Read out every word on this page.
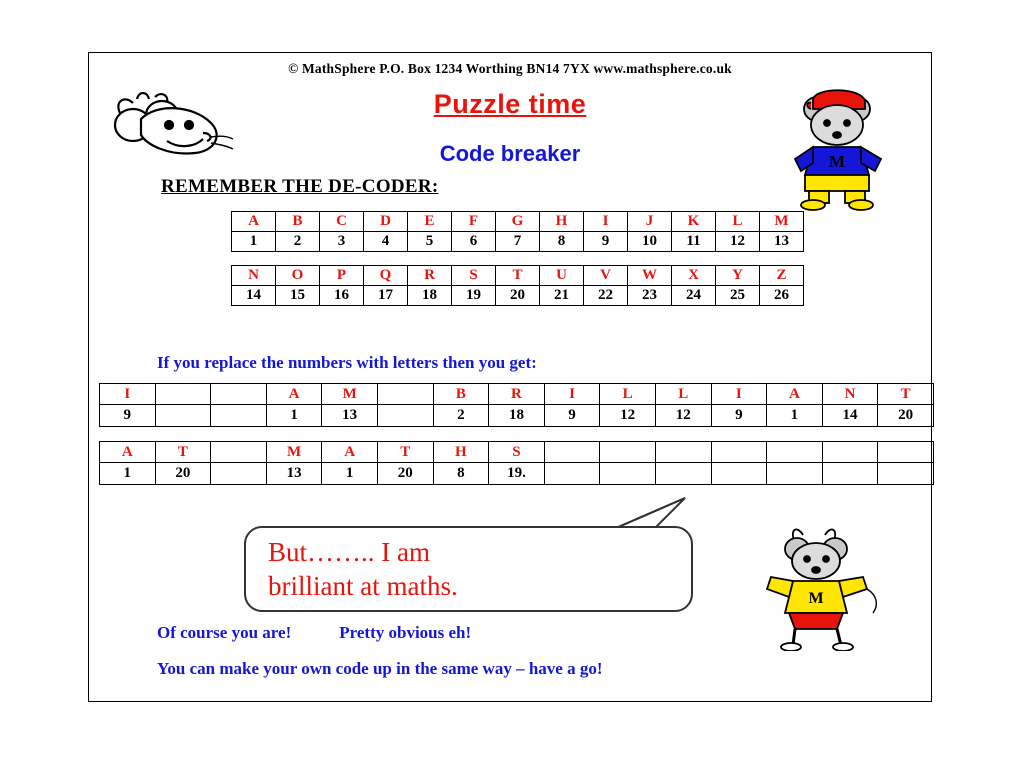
© MathSphere P.O. Box 1234 Worthing BN14 7YX www.mathsphere.co.uk
Puzzle time
Code breaker
REMEMBER THE DE-CODER:
M
A	B	C	D	E	F	G	H	I	J	K	L	M
1	2	3	4	5	6	7	8	9	10	11	12	13
N	O	P	Q	R	S	T	U	V	W	X	Y	Z
14	15	16	17	18	19	20	21	22	23	24	25	26
If you replace the numbers with letters then you get:
I			A	M		B	R	I	L	L	I	A	N	T
9			1	13		2	18	9	12	12	9	1	14	20
A	T		M	A	T	H	S							
1	20		13	1	20	8	19.							
But…….. I am
brilliant at maths.	M
Of course you are!	Pretty obvious eh!
You can make your own code up in the same way – have a go!
